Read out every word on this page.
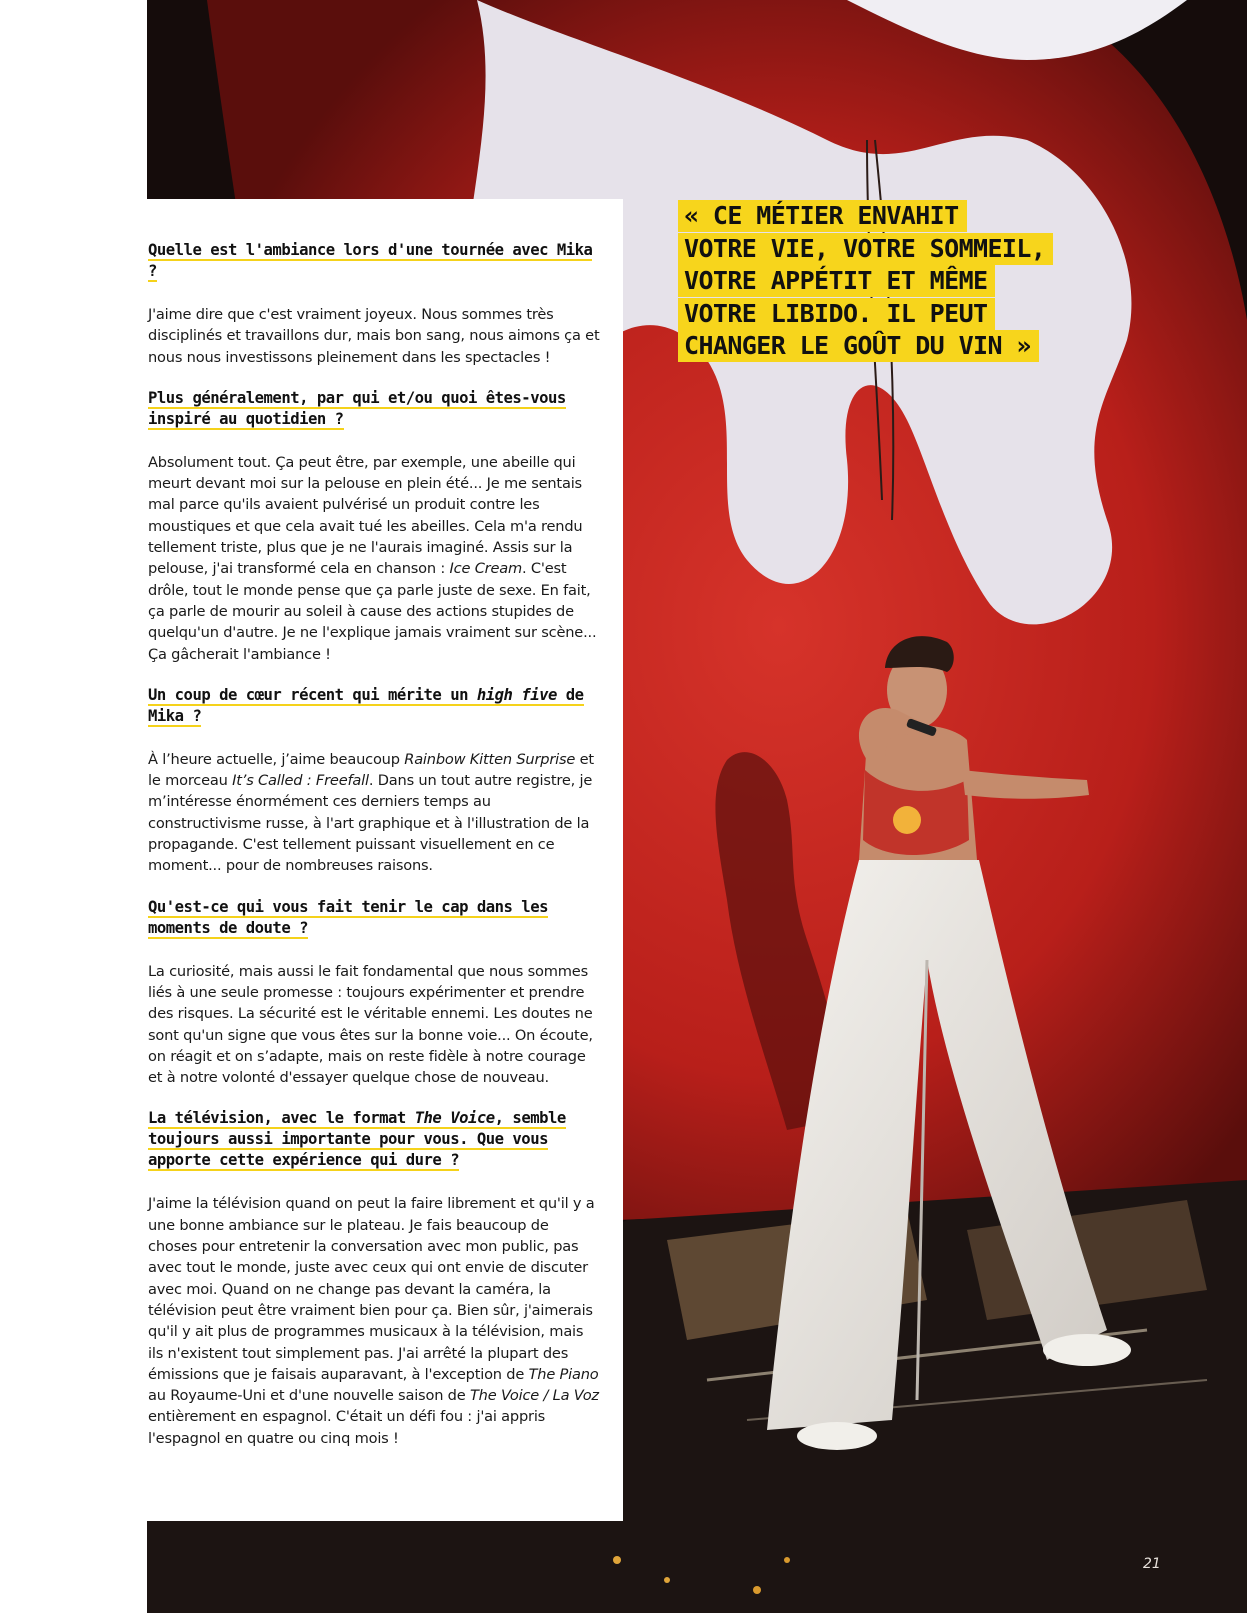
Quelle est l'ambiance lors d'une tournée avec Mika ?

J'aime dire que c'est vraiment joyeux. Nous sommes très disciplinés et travaillons dur, mais bon sang, nous aimons ça et nous nous investissons pleinement dans les spectacles !

Plus généralement, par qui et/ou quoi êtes-vous inspiré au quotidien ?

Absolument tout. Ça peut être, par exemple, une abeille qui meurt devant moi sur la pelouse en plein été... Je me sentais mal parce qu'ils avaient pulvérisé un produit contre les moustiques et que cela avait tué les abeilles. Cela m'a rendu tellement triste, plus que je ne l'aurais imaginé. Assis sur la pelouse, j'ai transformé cela en chanson : Ice Cream. C'est drôle, tout le monde pense que ça parle juste de sexe. En fait, ça parle de mourir au soleil à cause des actions stupides de quelqu'un d'autre. Je ne l'explique jamais vraiment sur scène... Ça gâcherait l'ambiance !

Un coup de cœur récent qui mérite un high five de Mika ?

À l’heure actuelle, j’aime beaucoup Rainbow Kitten Surprise et le morceau It’s Called : Freefall. Dans un tout autre registre, je m’intéresse énormément ces derniers temps au constructivisme russe, à l'art graphique et à l'illustration de la propagande. C'est tellement puissant visuellement en ce moment... pour de nombreuses raisons.

Qu'est-ce qui vous fait tenir le cap dans les moments de doute ?

La curiosité, mais aussi le fait fondamental que nous sommes liés à une seule promesse : toujours expérimenter et prendre des risques. La sécurité est le véritable ennemi. Les doutes ne sont qu'un signe que vous êtes sur la bonne voie... On écoute, on réagit et on s’adapte, mais on reste fidèle à notre courage et à notre volonté d'essayer quelque chose de nouveau.

La télévision, avec le format The Voice, semble toujours aussi importante pour vous. Que vous apporte cette expérience qui dure ?

J'aime la télévision quand on peut la faire librement et qu'il y a une bonne ambiance sur le plateau. Je fais beaucoup de choses pour entretenir la conversation avec mon public, pas avec tout le monde, juste avec ceux qui ont envie de discuter avec moi. Quand on ne change pas devant la caméra, la télévision peut être vraiment bien pour ça. Bien sûr, j'aimerais qu'il y ait plus de programmes musicaux à la télévision, mais ils n'existent tout simplement pas. J'ai arrêté la plupart des émissions que je faisais auparavant, à l'exception de The Piano au Royaume-Uni et d'une nouvelle saison de The Voice / La Voz entièrement en espagnol. C'était un défi fou : j'ai appris l'espagnol en quatre ou cinq mois !

« CE MÉTIER ENVAHIT
VOTRE VIE, VOTRE SOMMEIL,
VOTRE APPÉTIT ET MÊME
VOTRE LIBIDO. IL PEUT
CHANGER LE GOÛT DU VIN »
21
